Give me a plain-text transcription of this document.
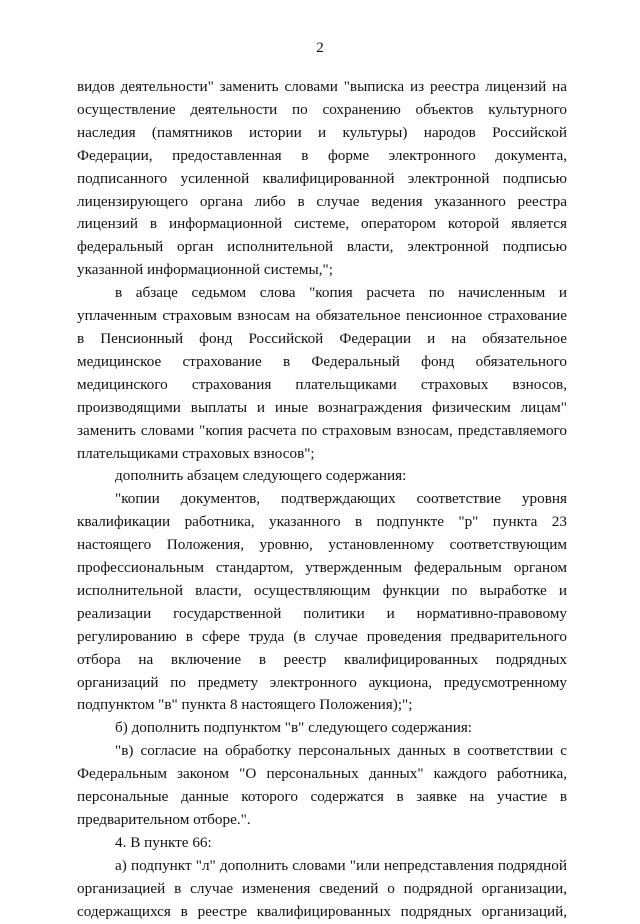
2

видов деятельности" заменить словами "выписка из реестра лицензий на осуществление деятельности по сохранению объектов культурного наследия (памятников истории и культуры) народов Российской Федерации, предоставленная в форме электронного документа, подписанного усиленной квалифицированной электронной подписью лицензирующего органа либо в случае ведения указанного реестра лицензий в информационной системе, оператором которой является федеральный орган исполнительной власти, электронной подписью указанной информационной системы,";

в абзаце седьмом слова "копия расчета по начисленным и уплаченным страховым взносам на обязательное пенсионное страхование в Пенсионный фонд Российской Федерации и на обязательное медицинское страхование в Федеральный фонд обязательного медицинского страхования плательщиками страховых взносов, производящими выплаты и иные вознаграждения физическим лицам" заменить словами "копия расчета по страховым взносам, представляемого плательщиками страховых взносов";

дополнить абзацем следующего содержания:

"копии документов, подтверждающих соответствие уровня квалификации работника, указанного в подпункте "р" пункта 23 настоящего Положения, уровню, установленному соответствующим профессиональным стандартом, утвержденным федеральным органом исполнительной власти, осуществляющим функции по выработке и реализации государственной политики и нормативно-правовому регулированию в сфере труда (в случае проведения предварительного отбора на включение в реестр квалифицированных подрядных организаций по предмету электронного аукциона, предусмотренному подпунктом "в" пункта 8 настоящего Положения);";

б) дополнить подпунктом "в" следующего содержания:

"в) согласие на обработку персональных данных в соответствии с Федеральным законом "О персональных данных" каждого работника, персональные данные которого содержатся в заявке на участие в предварительном отборе.".

4. В пункте 66:

а) подпункт "л" дополнить словами "или непредставления подрядной организацией в случае изменения сведений о подрядной организации, содержащихся в реестре квалифицированных подрядных организаций,
